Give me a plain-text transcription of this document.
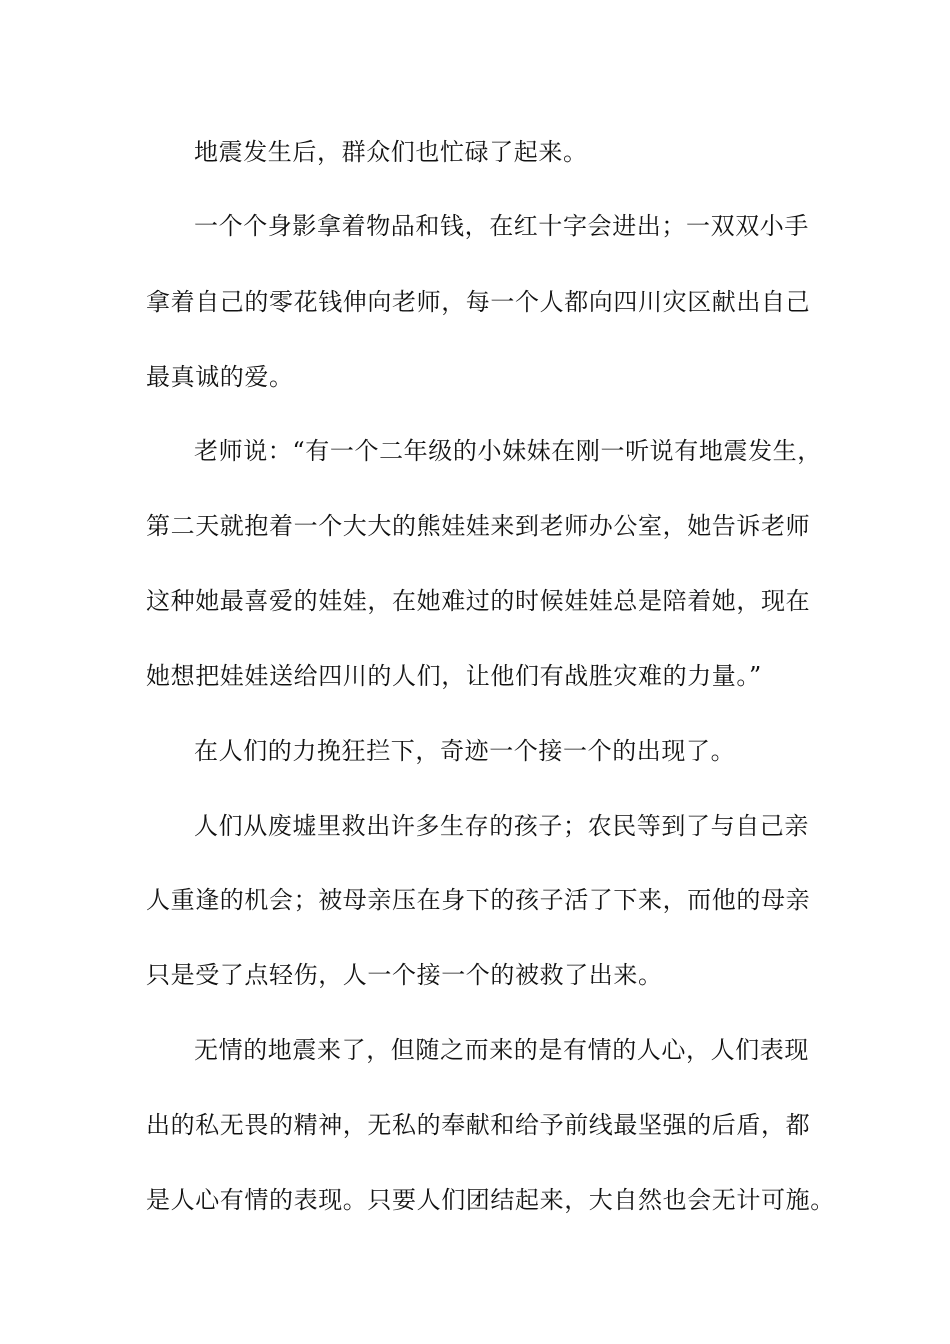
地震发生后，群众们也忙碌了起来。
一个个身影拿着物品和钱，在红十字会进出；一双双小手
拿着自己的零花钱伸向老师，每一个人都向四川灾区献出自己
最真诚的爱。
老师说：“有一个二年级的小妹妹在刚一听说有地震发生，
第二天就抱着一个大大的熊娃娃来到老师办公室，她告诉老师
这种她最喜爱的娃娃，在她难过的时候娃娃总是陪着她，现在
她想把娃娃送给四川的人们，让他们有战胜灾难的力量。”
在人们的力挽狂拦下，奇迹一个接一个的出现了。
人们从废墟里救出许多生存的孩子；农民等到了与自己亲
人重逢的机会；被母亲压在身下的孩子活了下来，而他的母亲
只是受了点轻伤，人一个接一个的被救了出来。
无情的地震来了，但随之而来的是有情的人心，人们表现
出的私无畏的精神，无私的奉献和给予前线最坚强的后盾，都
是人心有情的表现。只要人们团结起来，大自然也会无计可施。
